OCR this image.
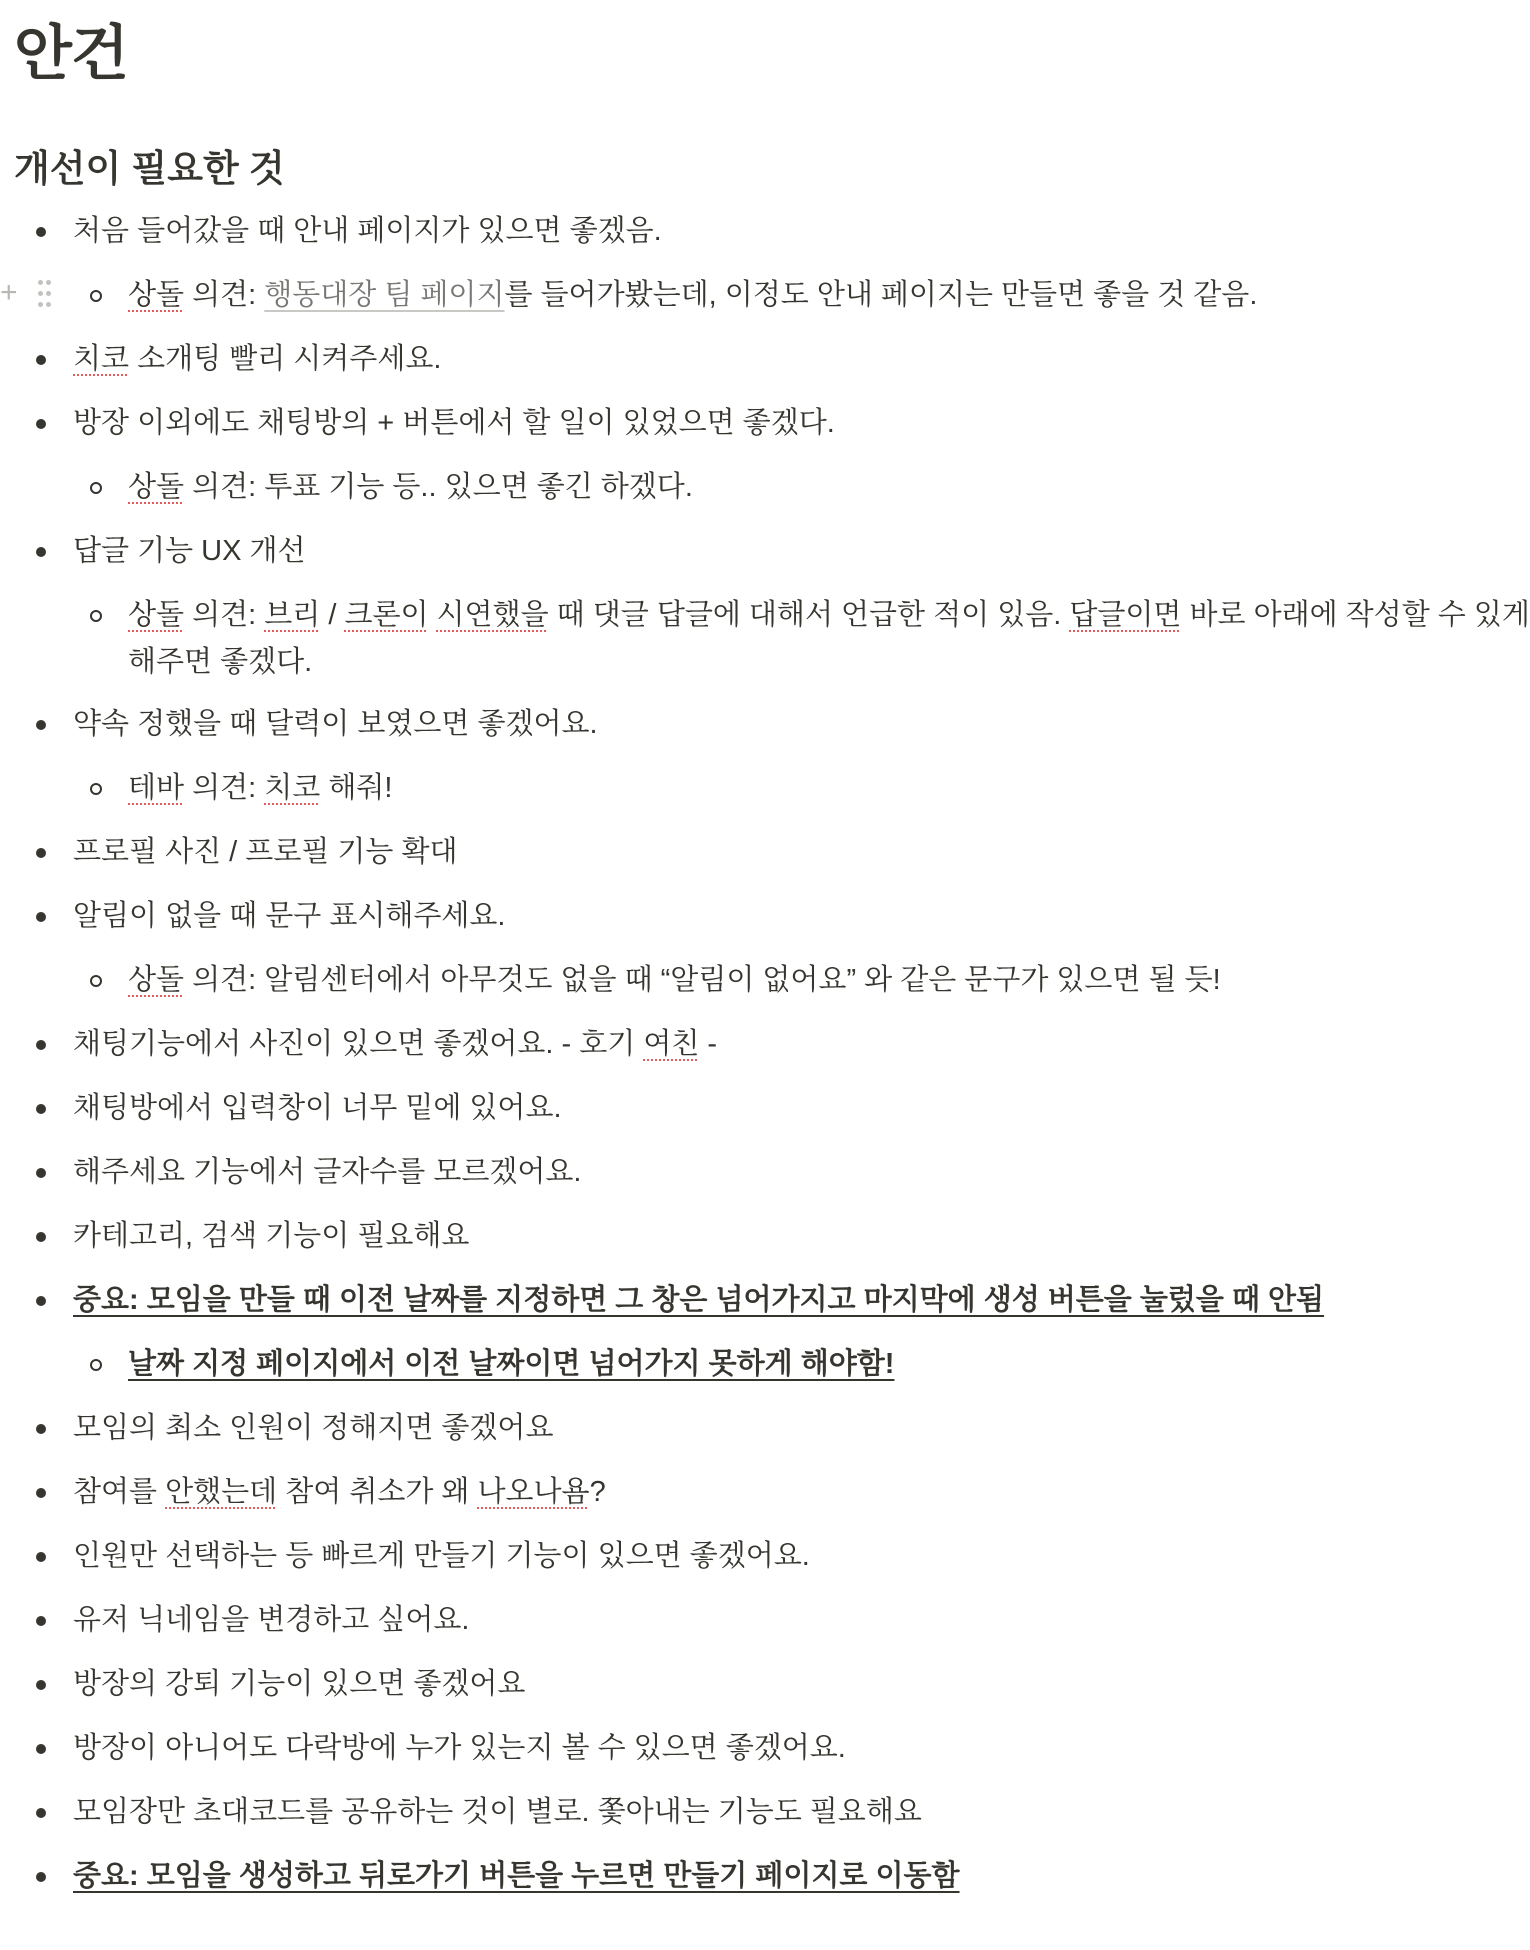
안건
개선이 필요한 것
처음 들어갔을 때 안내 페이지가 있으면 좋겠음.
+	상돌 의견: 행동대장 팀 페이지를 들어가봤는데, 이정도 안내 페이지는 만들면 좋을 것 같음.
치코 소개팅 빨리 시켜주세요.
방장 이외에도 채팅방의 + 버튼에서 할 일이 있었으면 좋겠다.
상돌 의견: 투표 기능 등.. 있으면 좋긴 하겠다.
답글 기능 UX 개선
상돌 의견: 브리 / 크론이 시연했을 때 댓글 답글에 대해서 언급한 적이 있음. 답글이면 바로 아래에 작성할 수 있게 해주면 좋겠다.
약속 정했을 때 달력이 보였으면 좋겠어요.
테바 의견: 치코 해줘!
프로필 사진 / 프로필 기능 확대
알림이 없을 때 문구 표시해주세요.
상돌 의견: 알림센터에서 아무것도 없을 때 “알림이 없어요” 와 같은 문구가 있으면 될 듯!
채팅기능에서 사진이 있으면 좋겠어요. - 호기 여친 -
채팅방에서 입력창이 너무 밑에 있어요.
해주세요 기능에서 글자수를 모르겠어요.
카테고리, 검색 기능이 필요해요
중요: 모임을 만들 때 이전 날짜를 지정하면 그 창은 넘어가지고 마지막에 생성 버튼을 눌렀을 때 안됨
날짜 지정 페이지에서 이전 날짜이면 넘어가지 못하게 해야함!
모임의 최소 인원이 정해지면 좋겠어요
참여를 안했는데 참여 취소가 왜 나오나욤?
인원만 선택하는 등 빠르게 만들기 기능이 있으면 좋겠어요.
유저 닉네임을 변경하고 싶어요.
방장의 강퇴 기능이 있으면 좋겠어요
방장이 아니어도 다락방에 누가 있는지 볼 수 있으면 좋겠어요.
모임장만 초대코드를 공유하는 것이 별로. 쫓아내는 기능도 필요해요
중요: 모임을 생성하고 뒤로가기 버튼을 누르면 만들기 페이지로 이동함
